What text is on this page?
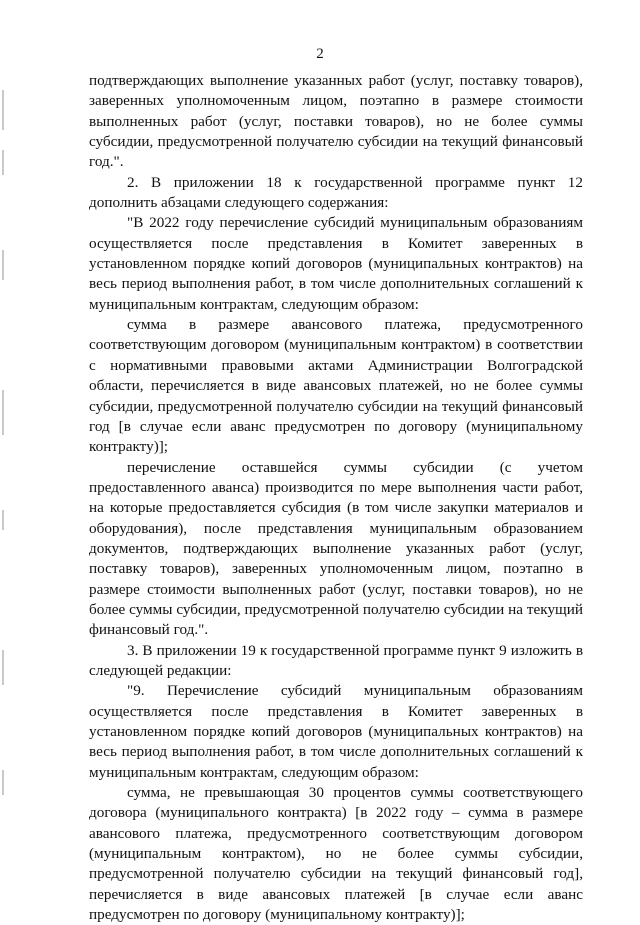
2

подтверждающих выполнение указанных работ (услуг, поставку товаров), заверенных уполномоченным лицом, поэтапно в размере стоимости выполненных работ (услуг, поставки товаров), но не более суммы субсидии, предусмотренной получателю субсидии на текущий финансовый год.".

2. В приложении 18 к государственной программе пункт 12 дополнить абзацами следующего содержания:

"В 2022 году перечисление субсидий муниципальным образованиям осуществляется после представления в Комитет заверенных в установленном порядке копий договоров (муниципальных контрактов) на весь период выполнения работ, в том числе дополнительных соглашений к муниципальным контрактам, следующим образом:

сумма в размере авансового платежа, предусмотренного соответствующим договором (муниципальным контрактом) в соответствии с нормативными правовыми актами Администрации Волгоградской области, перечисляется в виде авансовых платежей, но не более суммы субсидии, предусмотренной получателю субсидии на текущий финансовый год [в случае если аванс предусмотрен по договору (муниципальному контракту)];

перечисление оставшейся суммы субсидии (с учетом предоставленного аванса) производится по мере выполнения части работ, на которые предоставляется субсидия (в том числе закупки материалов и оборудования), после представления муниципальным образованием документов, подтверждающих выполнение указанных работ (услуг, поставку товаров), заверенных уполномоченным лицом, поэтапно в размере стоимости выполненных работ (услуг, поставки товаров), но не более суммы субсидии, предусмотренной получателю субсидии на текущий финансовый год.".

3. В приложении 19 к государственной программе пункт 9 изложить в следующей редакции:

"9. Перечисление субсидий муниципальным образованиям осуществляется после представления в Комитет заверенных в установленном порядке копий договоров (муниципальных контрактов) на весь период выполнения работ, в том числе дополнительных соглашений к муниципальным контрактам, следующим образом:

сумма, не превышающая 30 процентов суммы соответствующего договора (муниципального контракта) [в 2022 году – сумма в размере авансового платежа, предусмотренного соответствующим договором (муниципальным контрактом), но не более суммы субсидии, предусмотренной получателю субсидии на текущий финансовый год], перечисляется в виде авансовых платежей [в случае если аванс предусмотрен по договору (муниципальному контракту)];
